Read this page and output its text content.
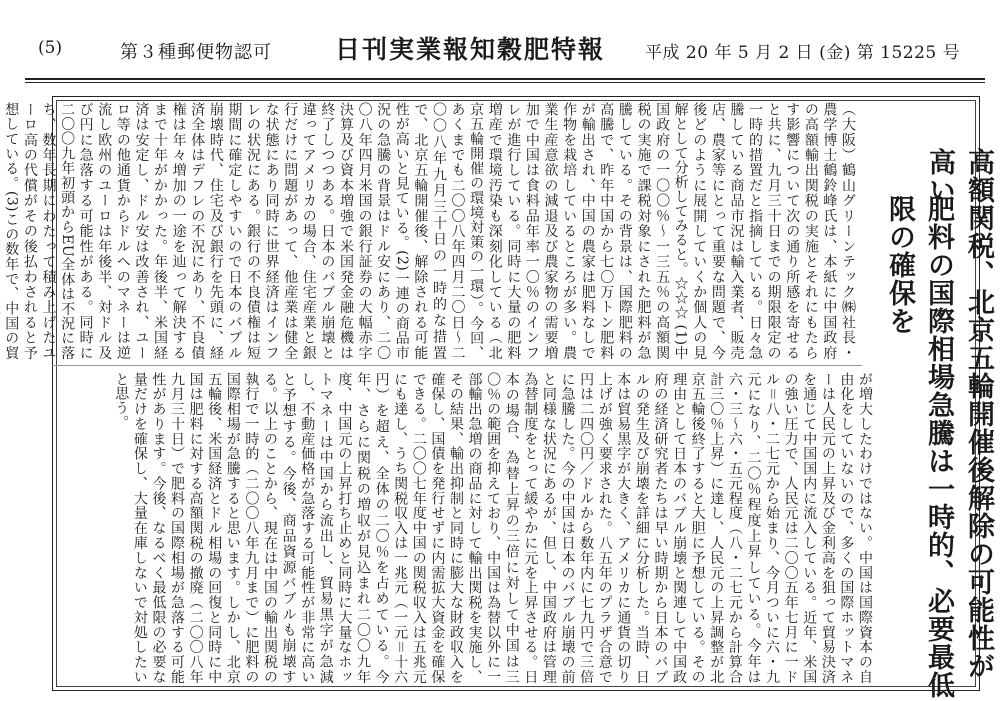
(5)	第３種郵便物認可	日刊実業報知穀肥特報 平成 20 年 5 月 2 日 (金) 第 15225 号
高額関税、北京五輪開催後解除の可能性が高い
肥料の国際相場急騰は一時的、必要最低限の確保を
（大阪）鶴山グリーンテック㈱社長・農学博士鶴鈴峰氏は、本紙に中国政府の高額輸出関税の実施とそれにもたらす影響について次の通り所感を寄せると共に、九月三十日までの期限限定の一時的措置だと指摘している。日々急騰している商品市況は輸入業者、販売店、農家等にとって重要な問題で、今後どのように展開していくか個人の見解として分析してみると。☆☆☆ (1)中国政府の一〇〇％～一三五％の高額関税の実施で課税対象にされた肥料が急騰している。その背景は、国際肥料の高騰で、昨年中国から七〇万トン肥料が輸出され、中国の農家は肥料なしで作物を栽培しているところが多い。農業生産意欲の減退及び農家物の需要増加で中国は食料品年率一〇％のインフレが進行している。同時に大量の肥料増産で環境汚染も深刻化している（北京五輪開催の環境対策の一環）。今回、あくまでも二〇〇八年四月二〇日～二〇〇八年九月三十日の一時的な措置で、北京五輪開催後、解除される可能性が高いと見ている。(2)一連の商品市況の急騰の背景はドル安にあり、二〇〇八年四月米国の銀行証券の大幅赤字決算及び資本増強で米国発金融危機は終了しつつある。日本のバブル崩壊と違ってアメリカの場合、住宅産業と銀行だけに問題があって、他産業は健全な状態にあり同時に世界経済はインフレの状況にある。銀行の不良債権は短期間に確定しやすいので日本のバブル崩壊時代、住宅及び銀行を先頭に、経済全体はデフレの不況にあり、不良債権は年々増加の一途を辿って解決するまで十年がかかった。年後半、米国経済は安定し、ドル安は改善され、ユーロ等の他通貨からドルへのマネーは逆流し欧州のユーロは年後半、対ドル及び円に急落する可能性がある。同時に二〇〇九年初頭からEU全体は不況に落ち、数年長期にわたって積み上げたユーロ高の代償がその後払わされると予想している。(3)この数年で、中国の貿
が増大したわけではない。中国は国際資本の自由化をしていないので、多くの国際ホットマネーは人民元の上昇及び金利高を狙って貿易決済を通じて中国国内に流入している。近年、米国の強い圧力で、人民元は二〇〇五年七月に一ドル＝八・二七元から始まり、今月ついに六・九元になり、二〇％程度上昇している。今年は六・三～六・五元程度（八・二七元から計算合計三〇％上昇）に達し、人民元の上昇調整が北京五輪後終了すると大胆に予想している。その理由として日本のバブル崩壊と関連して中国政府の経済研究者たちは早い時期から日本のバブルの発生及び崩壊を詳細に分析した。当時、日本は貿易黒字が大きく、アメリカに通貨の切り上げが強く要求された。八五年のプラザ合意で円は二四〇円／ドルから数年内に七九円で三倍に急騰した。今の中国は日本のバブル崩壊の前と同様な状況にあるが、但し、中国政府は管理為替制度をとって緩やかに元を上昇させる。日本の場合、為替上昇の三倍に対して中国は三〇％の範囲を抑えており、中国は為替以外に一部輸出急増の商品に対して輸出関税を実施し、その結果、輸出抑制と同時に膨大な財政収入を確保し、国債を発行せずに内需拡大資金を確保できる。二〇〇七年度中国の関税収入は五兆元にも達し、うち関税収入は一兆元（一元＝十六円）を超え、全体の二〇％を占めている。今年、さらに関税の増収が見込まれ二〇〇九年度、中国元の上昇打ち止めと同時に大量なホットマネーは中国から流出し、貿易黒字が急減し、不動産価格が急落する可能性が非常に高いと予想する。今後、商品資源バブルも崩壊する。以上のことから、現在は中国の輸出関税の執行で一時的（二〇〇八年九月まで）に肥料の国際相場が急騰すると思います。しかし、北京五輪後、米国経済とドル相場の回復と同時に中国は肥料に対する高額関税の撤廃（二〇〇八年九月三十日）で肥料の国際相場が急落する可能性があります。今後、なるべく最低限の必要な量だけを確保し、大量在庫しないで対処したいと思う。
